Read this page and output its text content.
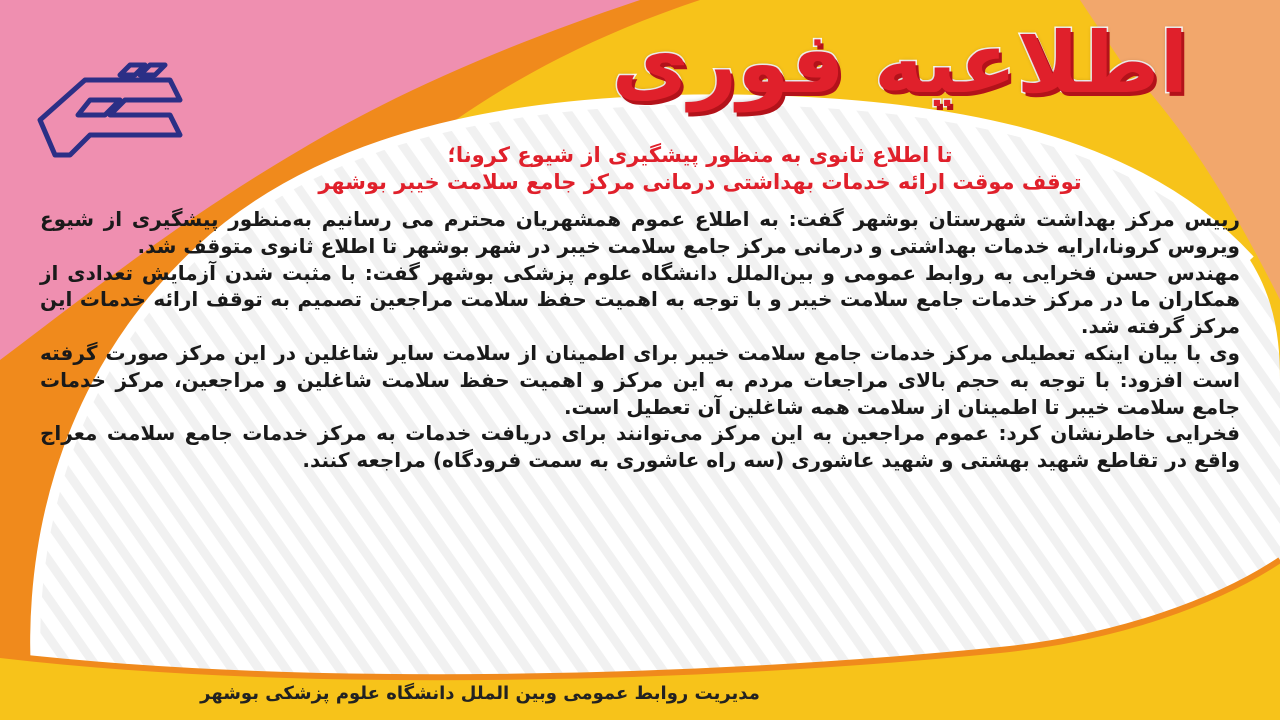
اطلاعیه فوری
تا اطلاع ثانوی به منظور پیشگیری از شیوع کرونا؛
توقف موقت ارائه خدمات بهداشتی درمانی مرکز جامع سلامت خیبر بوشهر

رییس مرکز بهداشت شهرستان بوشهر گفت: به اطلاع عموم همشهریان محترم می رسانیم به‌منظور پیشگیری از شیوع ویروس کرونا،ارایه خدمات بهداشتی و درمانی مرکز جامع سلامت خیبر در شهر بوشهر تا اطلاع ثانوی متوقف شد.

مهندس حسن فخرایی به روابط عمومی و بین‌الملل دانشگاه علوم پزشکی بوشهر گفت: با مثبت شدن آزمایش تعدادی از همکاران ما در مرکز خدمات جامع سلامت خیبر و با توجه به اهمیت حفظ سلامت مراجعین تصمیم به توقف ارائه خدمات این مرکز گرفته شد.

وی با بیان اینکه تعطیلی مرکز خدمات جامع سلامت خیبر برای اطمینان از سلامت سایر شاغلین در این مرکز صورت گرفته است افزود: با توجه به حجم بالای مراجعات مردم به این مرکز و اهمیت حفظ سلامت شاغلین و مراجعین، مرکز خدمات جامع سلامت خیبر تا اطمینان از سلامت همه شاغلین آن تعطیل است.

فخرایی خاطرنشان کرد: عموم مراجعین به این مرکز می‌توانند برای دریافت خدمات به مرکز خدمات جامع سلامت معراج واقع در تقاطع شهید بهشتی و شهید عاشوری (سه راه عاشوری به سمت فرودگاه) مراجعه کنند.

مدیریت روابط عمومی وبین الملل دانشگاه علوم پزشکی بوشهر
